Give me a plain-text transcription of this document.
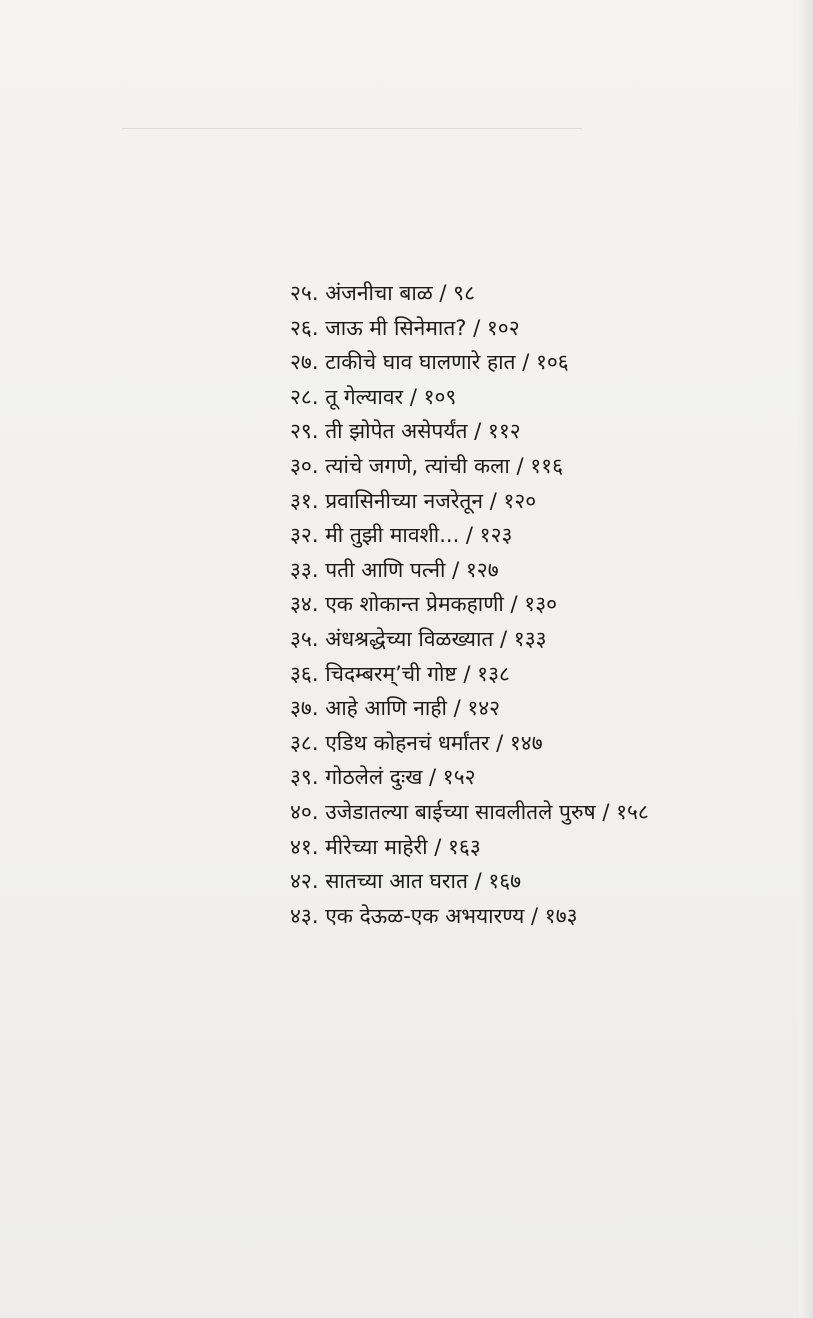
२५. अंजनीचा बाळ / ९८
२६. जाऊ मी सिनेमात? / १०२
२७. टाकीचे घाव घालणारे हात / १०६
२८. तू गेल्यावर / १०९
२९. ती झोपेत असेपर्यंत / ११२
३०. त्यांचे जगणे, त्यांची कला / ११६
३१. प्रवासिनीच्या नजरेतून / १२०
३२. मी तुझी मावशी... / १२३
३३. पती आणि पत्नी / १२७
३४. एक शोकान्त प्रेमकहाणी / १३०
३५. अंधश्रद्धेच्या विळख्यात / १३३
३६. चिदम्बरम्’ची गोष्ट / १३८
३७. आहे आणि नाही / १४२
३८. एडिथ कोहनचं धर्मांतर / १४७
३९. गोठलेलं दुःख / १५२
४०. उजेडातल्या बाईच्या सावलीतले पुरुष / १५८
४१. मीरेच्या माहेरी / १६३
४२. सातच्या आत घरात / १६७
४३. एक देऊळ-एक अभयारण्य / १७३
